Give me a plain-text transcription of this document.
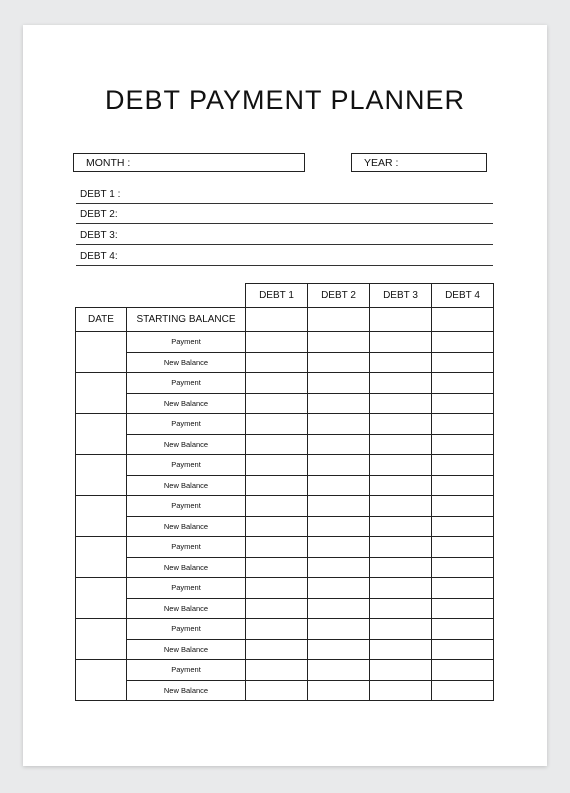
DEBT PAYMENT PLANNER
MONTH :	YEAR :
DEBT 1 :
DEBT 2:
DEBT 3:
DEBT 4:
		DEBT 1	DEBT 2	DEBT 3	DEBT 4
DATE	STARTING BALANCE				
	Payment				
	New Balance				
	Payment				
	New Balance				
	Payment				
	New Balance				
	Payment				
	New Balance				
	Payment				
	New Balance				
	Payment				
	New Balance				
	Payment				
	New Balance				
	Payment				
	New Balance				
	Payment				
	New Balance				
